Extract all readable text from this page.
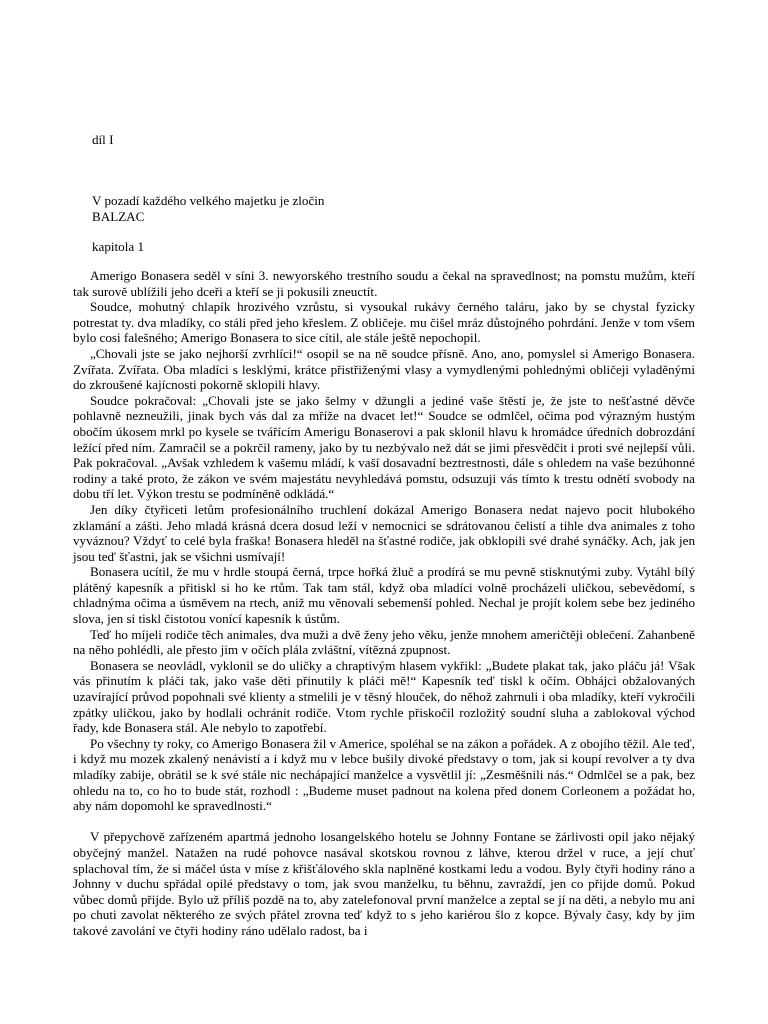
díl I
V pozadí každého velkého majetku je zločin
BALZAC
kapitola 1

Amerigo Bonasera seděl v síni 3. newyorského trestního soudu a čekal na spravedlnost; na pomstu mužům, kteří tak surově ublížili jeho dceři a kteří se ji pokusili zneuctít.

Soudce, mohutný chlapík hrozivého vzrůstu, si vysoukal rukávy černého taláru, jako by se chystal fyzicky potrestat ty. dva mladíky, co stáli před jeho křeslem. Z obličeje. mu čišel mráz důstojného pohrdání. Jenže v tom všem bylo cosi falešného; Amerigo Bonasera to sice cítil, ale stále ještě nepochopil.

„Chovali jste se jako nejhorší zvrhlíci!“ osopil se na ně soudce přísně. Ano, ano, pomyslel si Amerigo Bonasera. Zvířata. Zvířata. Oba mladíci s lesklými, krátce přistřiženými vlasy a vymydlenými pohlednými obličeji vyladěnými do zkroušené kajícnosti pokorně sklopili hlavy.

Soudce pokračoval: „Chovali jste se jako šelmy v džungli a jediné vaše štěstí je, že jste to nešťastné děvče pohlavně nezneužili, jinak bych vás dal za mříže na dvacet let!“ Soudce se odmlčel, očima pod výrazným hustým obočím úkosem mrkl po kysele se tvářícím Amerigu Bonaserovi a pak sklonil hlavu k hromádce úředních dobrozdání ležící před ním. Zamračil se a pokrčil rameny, jako by tu nezbývalo než dát se jimi přesvědčit i proti své nejlepší vůli. Pak pokračoval. „Avšak vzhledem k vašemu mládí, k vaší dosavadní beztrestnosti, dále s ohledem na vaše bezúhonné rodiny a také proto, že zákon ve svém majestátu nevyhledává pomstu, odsuzuji vás tímto k trestu odnětí svobody na dobu tří let. Výkon trestu se podmíněně odkládá.“

Jen díky čtyřiceti letům profesionálního truchlení dokázal Amerigo Bonasera nedat najevo pocit hlubokého zklamání a zášti. Jeho mladá krásná dcera dosud leží v nemocnici se sdrátovanou čelistí a tihle dva animales z toho vyváznou? Vždyť to celé byla fraška! Bonasera hleděl na šťastné rodiče, jak obklopili své drahé synáčky. Ach, jak jen jsou teď šťastni, jak se všichni usmívají!

Bonasera ucítil, že mu v hrdle stoupá černá, trpce hořká žluč a prodírá se mu pevně stisknutými zuby. Vytáhl bílý plátěný kapesník a přitiskl si ho ke rtům. Tak tam stál, když oba mladíci volně procházeli uličkou, sebevědomí, s chladnýma očima a úsměvem na rtech, aniž mu věnovali sebemenší pohled. Nechal je projít kolem sebe bez jediného slova, jen si tiskl čistotou vonící kapesník k ústům.

Teď ho míjeli rodiče těch animales, dva muži a dvě ženy jeho věku, jenže mnohem američtěji oblečení. Zahanbeně na něho pohlédli, ale přesto jim v očích plála zvláštní, vítězná zpupnost.

Bonasera se neovládl, vyklonil se do uličky a chraptivým hlasem vykřikl: „Budete plakat tak, jako pláču já! Však vás přinutím k pláči tak, jako vaše děti přinutily k pláči mě!“ Kapesník teď tiskl k očím. Obhájci obžalovaných uzavírající průvod popohnali své klienty a stmelili je v těsný hlouček, do něhož zahrnuli i oba mladíky, kteří vykročili zpátky uličkou, jako by hodlali ochránit rodiče. Vtom rychle přiskočil rozložitý soudní sluha a zablokoval východ řady, kde Bonasera stál. Ale nebylo to zapotřebí.

Po všechny ty roky, co Amerigo Bonasera žil v Americe, spoléhal se na zákon a pořádek. A z obojího těžil. Ale teď, i když mu mozek zkalený nenávistí a i když mu v lebce bušily divoké představy o tom, jak si koupí revolver a ty dva mladíky zabije, obrátil se k své stále nic nechápající manželce a vysvětlil jí: „Zesměšnili nás.“ Odmlčel se a pak, bez ohledu na to, co ho to bude stát, rozhodl : „Budeme muset padnout na kolena před donem Corleonem a požádat ho, aby nám dopomohl ke spravedlnosti.“

V přepychově zařízeném apartmá jednoho losangelského hotelu se Johnny Fontane se žárlivosti opil jako nějaký obyčejný manžel. Natažen na rudé pohovce nasával skotskou rovnou z láhve, kterou držel v ruce, a její chuť splachoval tím, že si máčel ústa v míse z křišťálového skla naplněné kostkami ledu a vodou. Byly čtyři hodiny ráno a Johnny v duchu spřádal opilé představy o tom, jak svou manželku, tu běhnu, zavraždí, jen co přijde domů. Pokud vůbec domů přijde. Bylo už příliš pozdě na to, aby zatelefonoval první manželce a zeptal se jí na děti, a nebylo mu ani po chuti zavolat některého ze svých přátel zrovna teď když to s jeho kariérou šlo z kopce. Bývaly časy, kdy by jim takové zavolání ve čtyři hodiny ráno udělalo radost, ba i
